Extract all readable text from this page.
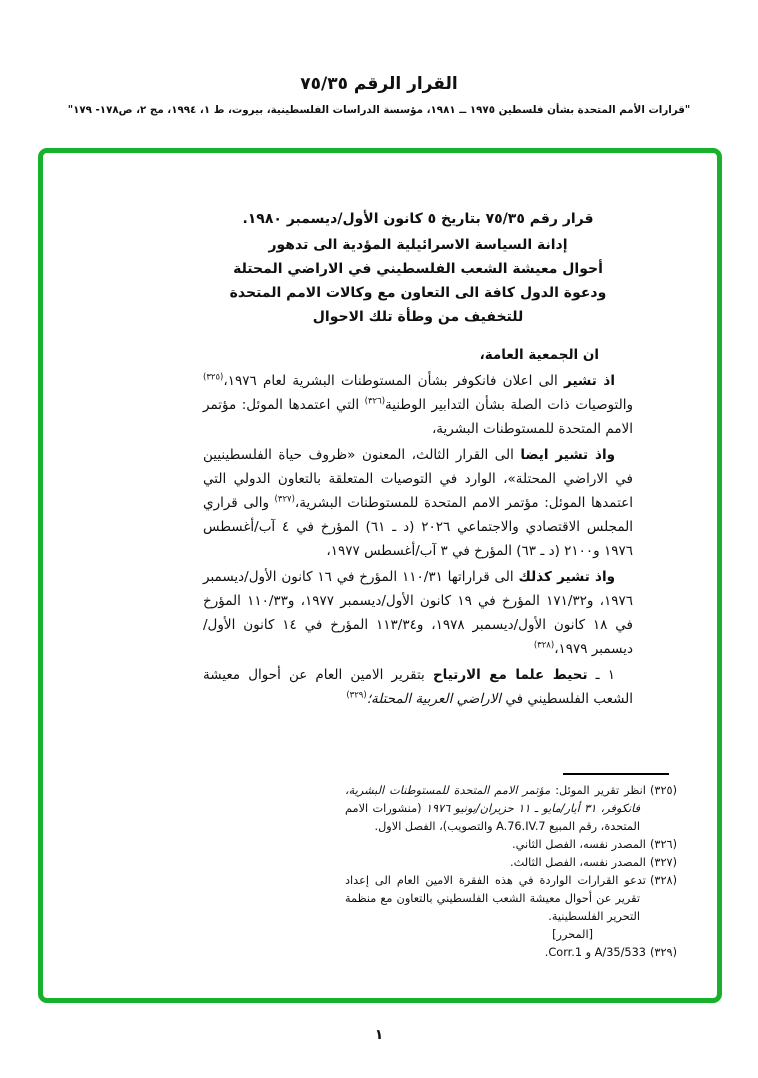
القرار الرقم ٧٥/٣٥
"قرارات الأمم المتحدة بشأن فلسطين ١٩٧٥ ــ ١٩٨١، مؤسسة الدراسات الفلسطينية، بيروت، ط ١، ١٩٩٤، مج ٢، ص١٧٨- ١٧٩"

قرار رقم ٧٥/٣٥ بتاريخ ٥ كانون الأول/ديسمبر ١٩٨٠.

إدانة السياسة الاسرائيلية المؤدية الى تدهور
أحوال معيشة الشعب الفلسطيني في الاراضي المحتلة
ودعوة الدول كافة الى التعاون مع وكالات الامم المتحدة
للتخفيف من وطأة تلك الاحوال

ان الجمعية العامة،

اذ تشير الى اعلان فانكوفر بشأن المستوطنات البشرية لعام ١٩٧٦،$^{(٣٢٥)}$ والتوصيات ذات الصلة بشأن التدابير الوطنية$^{(٣٢٦)}$ التي اعتمدها الموئل: مؤتمر الامم المتحدة للمستوطنات البشرية،

واذ تشير ايضا الى القرار الثالث، المعنون «ظروف حياة الفلسطينيين في الاراضي المحتلة»، الوارد في التوصيات المتعلقة بالتعاون الدولي التي اعتمدها الموئل: مؤتمر الامم المتحدة للمستوطنات البشرية،$^{(٣٢٧)}$ والى قراري المجلس الاقتصادي والاجتماعي ٢٠٢٦ (د ـ ٦١) المؤرخ في ٤ آب/أغسطس ١٩٧٦ و٢١٠٠ (د ـ ٦٣) المؤرخ في ٣ آب/أغسطس ١٩٧٧،

واذ تشير كذلك الى قراراتها ١١٠/٣١ المؤرخ في ١٦ كانون الأول/ديسمبر ١٩٧٦، و١٧١/٣٢ المؤرخ في ١٩ كانون الأول/ديسمبر ١٩٧٧، و١١٠/٣٣ المؤرخ في ١٨ كانون الأول/ديسمبر ١٩٧٨، و١١٣/٣٤ المؤرخ في ١٤ كانون الأول/ديسمبر ١٩٧٩،$^{(٣٢٨)}$

١ ـ تحيط علما مع الارتياح بتقرير الامين العام عن أحوال معيشة الشعب الفلسطيني في الاراضي العربية المحتلة؛$^{(٣٢٩)}$

(٣٢٥)انظر تقرير الموئل: مؤتمر الامم المتحدة للمستوطنات البشرية، فانكوفر، ٣١ أيار/مايو ـ ١١ حزيران/يونيو ١٩٧٦ (منشورات الامم المتحدة، رقم المبيع A.76.IV.7 والتصويب)، الفصل الاول.
(٣٢٦)المصدر نفسه، الفصل الثاني.
(٣٢٧)المصدر نفسه، الفصل الثالث.
(٣٢٨)تدعو القرارات الواردة في هذه الفقرة الامين العام الى إعداد تقرير عن أحوال معيشة الشعب الفلسطيني بالتعاون مع منظمة التحرير الفلسطينية.
[المحرر]
(٣٢٩)A/35/533 و Corr.1.
١
